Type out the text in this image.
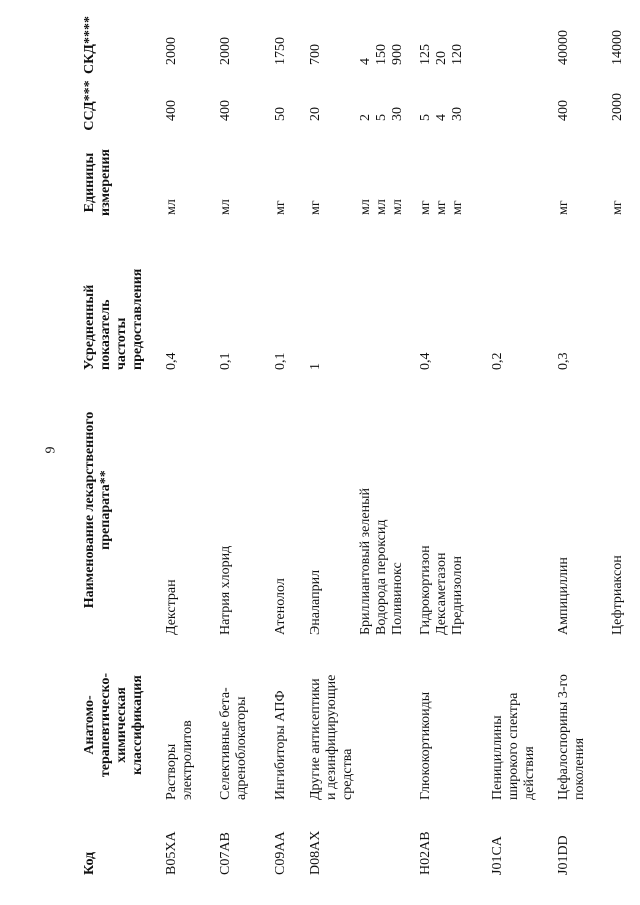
9
Код
Анатомо-
терапевтическо-
химическая
классификация
Наименование лекарственного
препарата**
Усредненный
показатель
частоты
предоставления
Единицы
измерения
ССД***
СКД****
B05XA
Растворы
электролитов
Декстран
0,4
мл
400
2000
C07AB
Селективные бета-
адреноблокаторы
Натрия хлорид
0,1
мл
400
2000
C09AA
Ингибиторы АПФ
Атенолол
0,1
мг
50
1750
D08AX
Другие антисептики
и дезинфицирующие
средства
Эналаприл
1
мг
20
700
Бриллиантовый зеленый
Водорода пероксид
Поливинокс
мл
мл
мл
2
5
30
4
150
900
H02AB
Глюкокортикоиды
Гидрокортизон
Дексаметазон
Преднизолон
0,4
мг
мг
мг
5
4
30
125
20
120
J01CA
Пенициллины
широкого спектра
действия
0,2
J01DD
Цефалоспорины 3-го
поколения
Ампициллин
0,3
мг
400
40000
Цефтриаксон
мг
2000
14000
